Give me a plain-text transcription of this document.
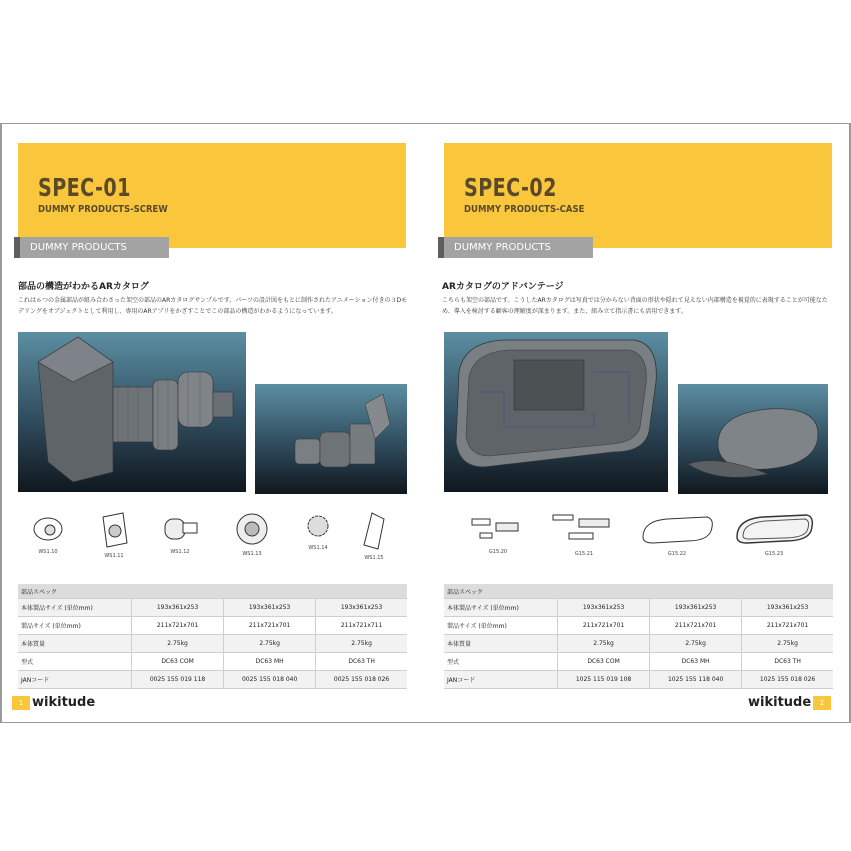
SPEC-01
DUMMY PRODUCTS-SCREW
DUMMY PRODUCTS
部品の構造がわかるARカタログ
これは６つの金属部品が組み合わさった架空の部品のARカタログサンプルです。パーツの設計図をもとに制作されたアニメーション付きの３Dモデリングをオブジェクトとして利用し、専用のARアプリをかざすことでこの部品の構造がわかるようになっています。
WS1.10
WS1.11
WS1.12	WS1.13
WS1.14
WS1.15
部品スペック			
本体製品サイズ (単位mm)	193x361x253	193x361x253	193x361x253
製品サイズ (単位mm)	211x721x701	211x721x701	211x721x711
本体質量	2.75kg	2.75kg	2.75kg
型式	DC63 COM	DC63 MH	DC63 TH
JANコード	0025 155 019 118	0025 155 018 040	0025 155 018 026
1 wikitude
SPEC-02
DUMMY PRODUCTS-CASE
DUMMY PRODUCTS
ARカタログのアドバンテージ
こちらも架空の部品です。こうしたARカタログは写真では分からない背面の形状や隠れて見えない内部構造を視覚的に表現することが可能なため、導入を検討する顧客の理解度が深まります。また、組み立て指示書にも活用できます。
G15.20	G15.21	G15.22	G15.23
部品スペック			
本体製品サイズ (単位mm)	193x361x253	193x361x253	193x361x253
製品サイズ (単位mm)	211x721x701	211x721x701	211x721x701
本体質量	2.75kg	2.75kg	2.75kg
型式	DC63 COM	DC63 MH	DC63 TH
JANコード	1025 115 019 108	1025 155 118 040	1025 155 018 026
wikitude	2
